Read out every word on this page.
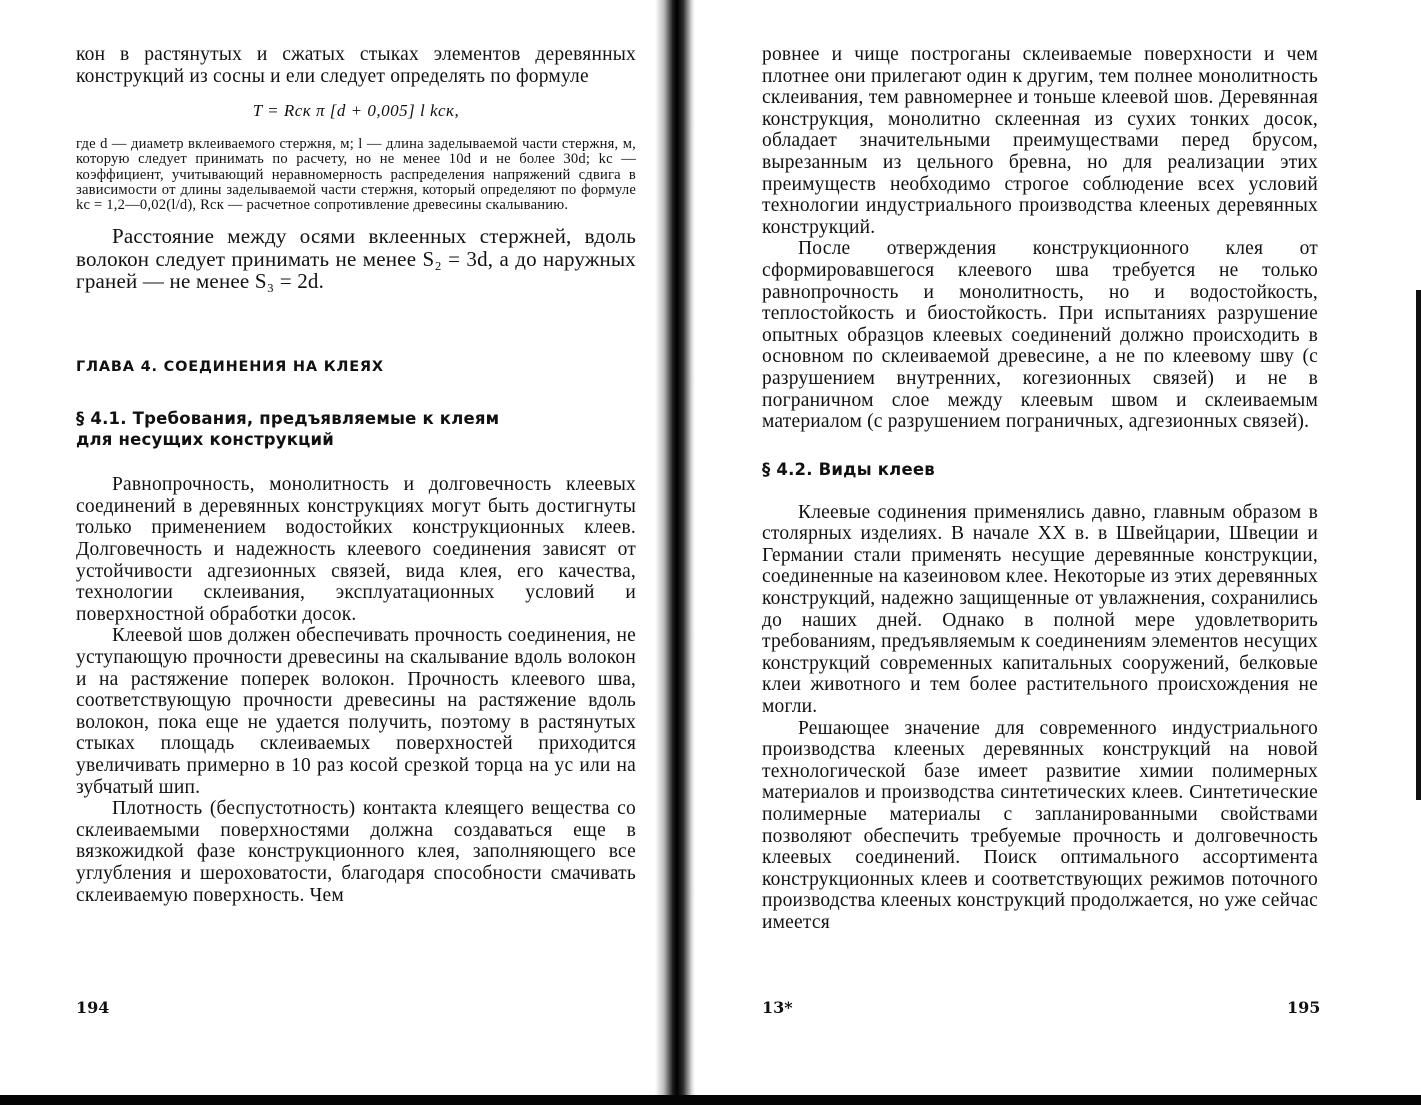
кон в растянутых и сжатых стыках элементов деревянных конструкций из сосны и ели следует определять по формуле

T = Rск π [d + 0,005] l kск,

где d — диаметр вклеиваемого стержня, м; l — длина заделываемой части стержня, м, которую следует принимать по расчету, но не менее 10d и не более 30d; kc — коэффициент, учитывающий неравномерность распределения напряжений сдвига в зависимости от длины заделываемой части стержня, который определяют по формуле kc = 1,2—0,02(l/d), Rск — расчетное сопротивление древесины скалыванию.

Расстояние между осями вклеенных стержней, вдоль волокон следует принимать не менее S₂ = 3d, а до наружных граней — не менее S₃ = 2d.

ГЛАВА 4. СОЕДИНЕНИЯ НА КЛЕЯХ

§ 4.1. Требования, предъявляемые к клеям для несущих конструкций

Равнопрочность, монолитность и долговечность клеевых соединений в деревянных конструкциях могут быть достигнуты только применением водостойких конструкционных клеев. Долговечность и надежность клеевого соединения зависят от устойчивости адгезионных связей, вида клея, его качества, технологии склеивания, эксплуатационных условий и поверхностной обработки досок.

Клеевой шов должен обеспечивать прочность соединения, не уступающую прочности древесины на скалывание вдоль волокон и на растяжение поперек волокон. Прочность клеевого шва, соответствующую прочности древесины на растяжение вдоль волокон, пока еще не удается получить, поэтому в растянутых стыках площадь склеиваемых поверхностей приходится увеличивать примерно в 10 раз косой срезкой торца на ус или на зубчатый шип.

Плотность (беспустотность) контакта клеящего вещества со склеиваемыми поверхностями должна создаваться еще в вязкожидкой фазе конструкционного клея, заполняющего все углубления и шероховатости, благодаря способности смачивать склеиваемую поверхность. Чем

194

ровнее и чище построганы склеиваемые поверхности и чем плотнее они прилегают один к другим, тем полнее монолитность склеивания, тем равномернее и тоньше клеевой шов. Деревянная конструкция, монолитно склеенная из сухих тонких досок, обладает значительными преимуществами перед брусом, вырезанным из цельного бревна, но для реализации этих преимуществ необходимо строгое соблюдение всех условий технологии индустриального производства клееных деревянных конструкций.

После отверждения конструкционного клея от сформировавшегося клеевого шва требуется не только равнопрочность и монолитность, но и водостойкость, теплостойкость и биостойкость. При испытаниях разрушение опытных образцов клеевых соединений должно происходить в основном по склеиваемой древесине, а не по клеевому шву (с разрушением внутренних, когезионных связей) и не в пограничном слое между клеевым швом и склеиваемым материалом (с разрушением пограничных, адгезионных связей).

§ 4.2. Виды клеев

Клеевые содинения применялись давно, главным образом в столярных изделиях. В начале XX в. в Швейцарии, Швеции и Германии стали применять несущие деревянные конструкции, соединенные на казеиновом клее. Некоторые из этих деревянных конструкций, надежно защищенные от увлажнения, сохранились до наших дней. Однако в полной мере удовлетворить требованиям, предъявляемым к соединениям элементов несущих конструкций современных капитальных сооружений, белковые клеи животного и тем более растительного происхождения не могли.

Решающее значение для современного индустриального производства клееных деревянных конструкций на новой технологической базе имеет развитие химии полимерных материалов и производства синтетических клеев. Синтетические полимерные материалы с запланированными свойствами позволяют обеспечить требуемые прочность и долговечность клеевых соединений. Поиск оптимального ассортимента конструкционных клеев и соответствующих режимов поточного производства клееных конструкций продолжается, но уже сейчас имеется

13*	195
